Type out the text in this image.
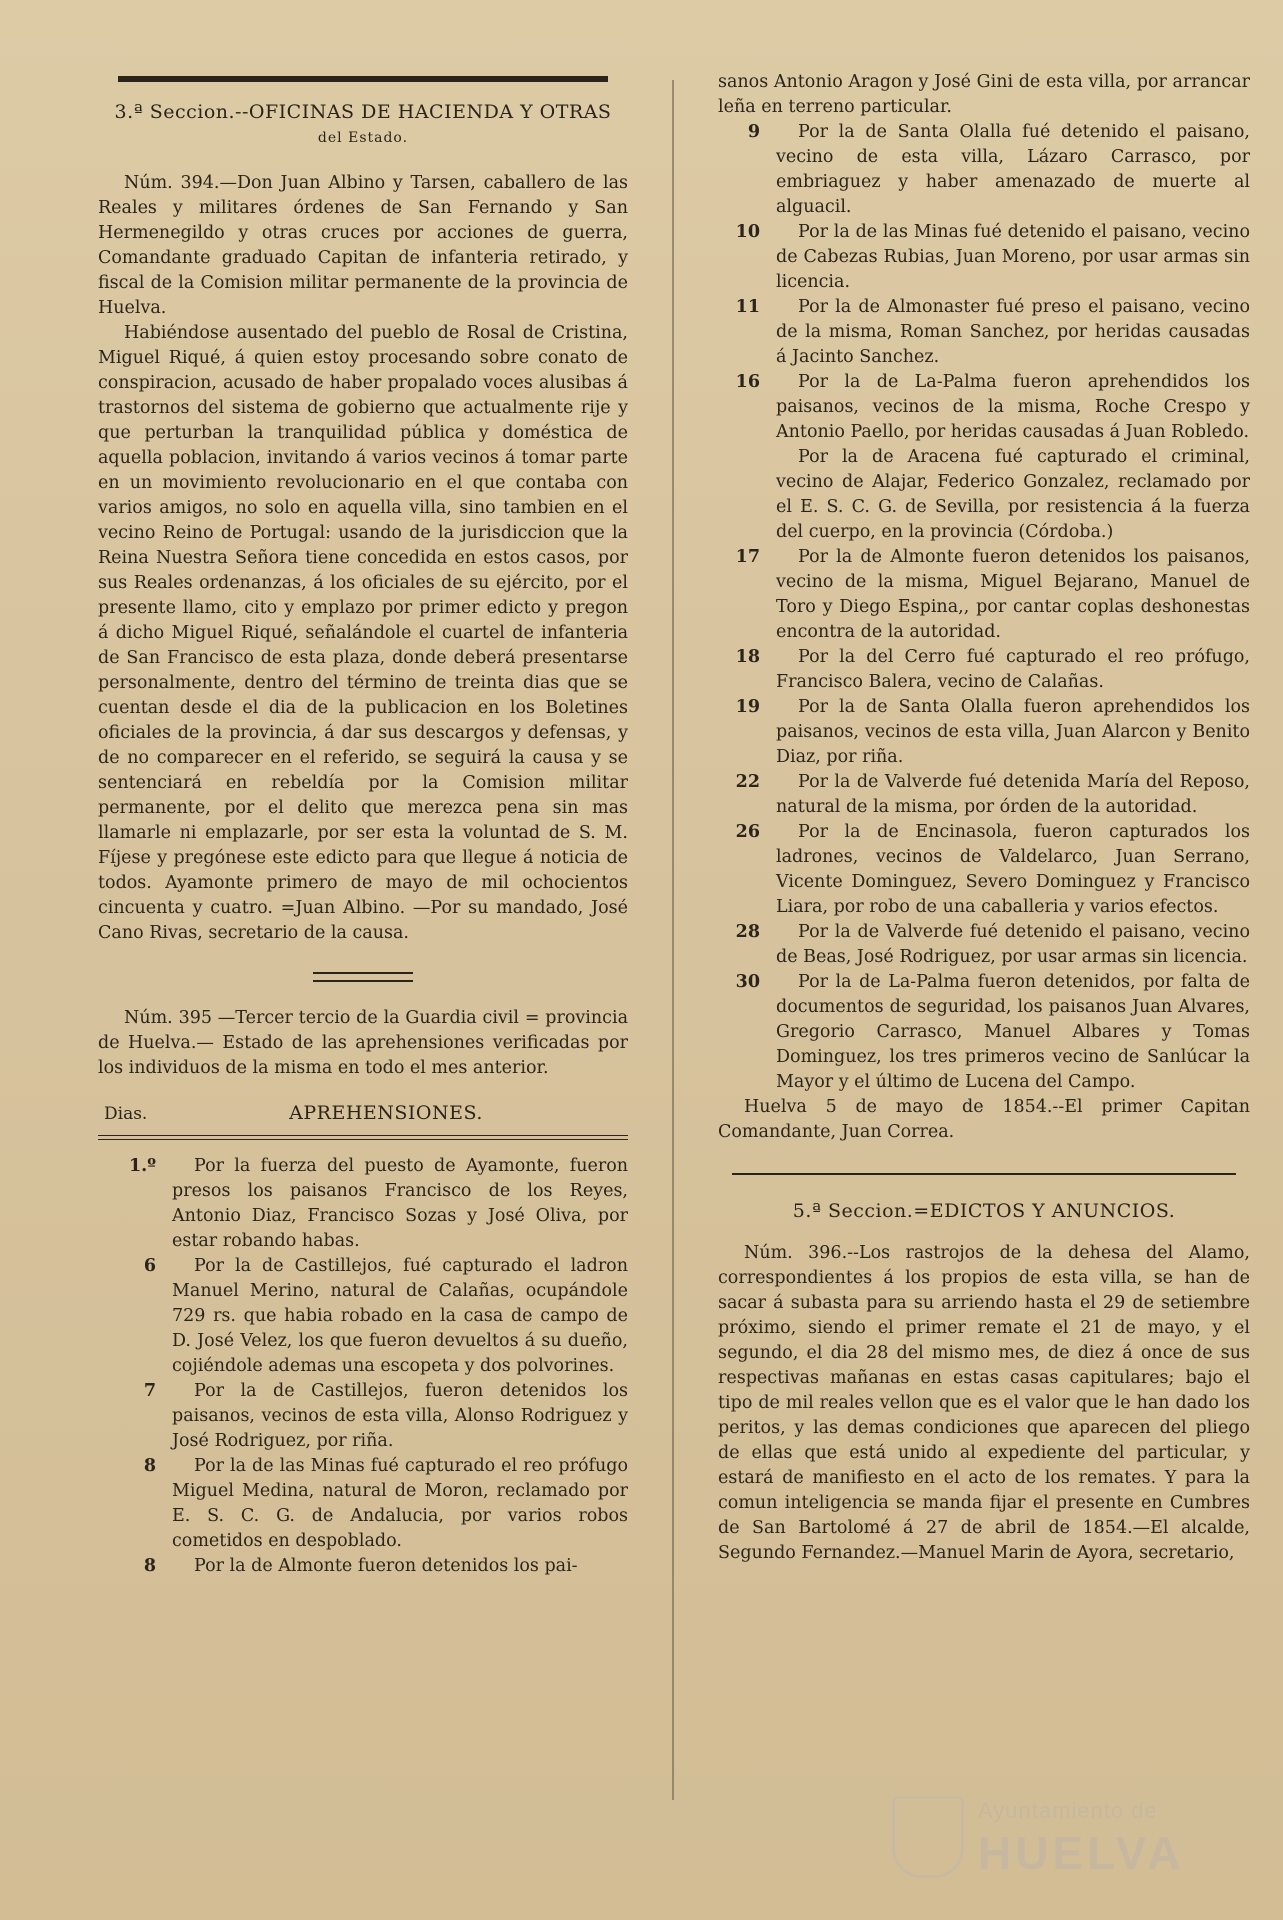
3.ª Seccion.--OFICINAS DE HACIENDA Y OTRAS
del Estado.

Núm. 394.—Don Juan Albino y Tarsen, caballero de las Reales y militares órdenes de San Fernando y San Hermenegildo y otras cruces por acciones de guerra, Comandante graduado Capitan de infanteria retirado, y fiscal de la Comision militar permanente de la provincia de Huelva.

Habiéndose ausentado del pueblo de Rosal de Cristina, Miguel Riqué, á quien estoy procesando sobre conato de conspiracion, acusado de haber propalado voces alusibas á trastornos del sistema de gobierno que actualmente rije y que perturban la tranquilidad pública y doméstica de aquella poblacion, invitando á varios vecinos á tomar parte en un movimiento revolucionario en el que contaba con varios amigos, no solo en aquella villa, sino tambien en el vecino Reino de Portugal: usando de la jurisdiccion que la Reina Nuestra Señora tiene concedida en estos casos, por sus Reales ordenanzas, á los oficiales de su ejército, por el presente llamo, cito y emplazo por primer edicto y pregon á dicho Miguel Riqué, señalándole el cuartel de infanteria de San Francisco de esta plaza, donde deberá presentarse personalmente, dentro del término de treinta dias que se cuentan desde el dia de la publicacion en los Boletines oficiales de la provincia, á dar sus descargos y defensas, y de no comparecer en el referido, se seguirá la causa y se sentenciará en rebeldía por la Comision militar permanente, por el delito que merezca pena sin mas llamarle ni emplazarle, por ser esta la voluntad de S. M. Fíjese y pregónese este edicto para que llegue á noticia de todos. Ayamonte primero de mayo de mil ochocientos cincuenta y cuatro. =Juan Albino. —Por su mandado, José Cano Rivas, secretario de la causa.

Núm. 395 —Tercer tercio de la Guardia civil = provincia de Huelva.— Estado de las aprehensiones verificadas por los individuos de la misma en todo el mes anterior.

Dias.	APREHENSIONES.
1.º	Por la fuerza del puesto de Ayamonte, fueron presos los paisanos Francisco de los Reyes, Antonio Diaz, Francisco Sozas y José Oliva, por estar robando habas.
6	Por la de Castillejos, fué capturado el ladron Manuel Merino, natural de Calañas, ocupándole 729 rs. que habia robado en la casa de campo de D. José Velez, los que fueron devueltos á su dueño, cojiéndole ademas una escopeta y dos polvorines.
7	Por la de Castillejos, fueron detenidos los paisanos, vecinos de esta villa, Alonso Rodriguez y José Rodriguez, por riña.
8	Por la de las Minas fué capturado el reo prófugo Miguel Medina, natural de Moron, reclamado por E. S. C. G. de Andalucia, por varios robos cometidos en despoblado.
8	Por la de Almonte fueron detenidos los pai-

sanos Antonio Aragon y José Gini de esta villa, por arrancar leña en terreno particular.

9	Por la de Santa Olalla fué detenido el paisano, vecino de esta villa, Lázaro Carrasco, por embriaguez y haber amenazado de muerte al alguacil.
10	Por la de las Minas fué detenido el paisano, vecino de Cabezas Rubias, Juan Moreno, por usar armas sin licencia.
11	Por la de Almonaster fué preso el paisano, vecino de la misma, Roman Sanchez, por heridas causadas á Jacinto Sanchez.
16	Por la de La-Palma fueron aprehendidos los paisanos, vecinos de la misma, Roche Crespo y Antonio Paello, por heridas causadas á Juan Robledo.
Por la de Aracena fué capturado el criminal, vecino de Alajar, Federico Gonzalez, reclamado por el E. S. C. G. de Sevilla, por resistencia á la fuerza del cuerpo, en la provincia (Córdoba.)
17	Por la de Almonte fueron detenidos los paisanos, vecino de la misma, Miguel Bejarano, Manuel de Toro y Diego Espina,, por cantar coplas deshonestas encontra de la autoridad.
18	Por la del Cerro fué capturado el reo prófugo, Francisco Balera, vecino de Calañas.
19	Por la de Santa Olalla fueron aprehendidos los paisanos, vecinos de esta villa, Juan Alarcon y Benito Diaz, por riña.
22	Por la de Valverde fué detenida María del Reposo, natural de la misma, por órden de la autoridad.
26	Por la de Encinasola, fueron capturados los ladrones, vecinos de Valdelarco, Juan Serrano, Vicente Dominguez, Severo Dominguez y Francisco Liara, por robo de una caballeria y varios efectos.
28	Por la de Valverde fué detenido el paisano, vecino de Beas, José Rodriguez, por usar armas sin licencia.
30	Por la de La-Palma fueron detenidos, por falta de documentos de seguridad, los paisanos Juan Alvares, Gregorio Carrasco, Manuel Albares y Tomas Dominguez, los tres primeros vecino de Sanlúcar la Mayor y el último de Lucena del Campo.

Huelva 5 de mayo de 1854.--El primer Capitan Comandante, Juan Correa.

5.ª Seccion.=EDICTOS Y ANUNCIOS.

Núm. 396.--Los rastrojos de la dehesa del Alamo, correspondientes á los propios de esta villa, se han de sacar á subasta para su arriendo hasta el 29 de setiembre próximo, siendo el primer remate el 21 de mayo, y el segundo, el dia 28 del mismo mes, de diez á once de sus respectivas mañanas en estas casas capitulares; bajo el tipo de mil reales vellon que es el valor que le han dado los peritos, y las demas condiciones que aparecen del pliego de ellas que está unido al expediente del particular, y estará de manifiesto en el acto de los remates. Y para la comun inteligencia se manda fijar el presente en Cumbres de San Bartolomé á 27 de abril de 1854.—El alcalde, Segundo Fernandez.—Manuel Marin de Ayora, secretario,

Ayuntamiento de
HUELVA
